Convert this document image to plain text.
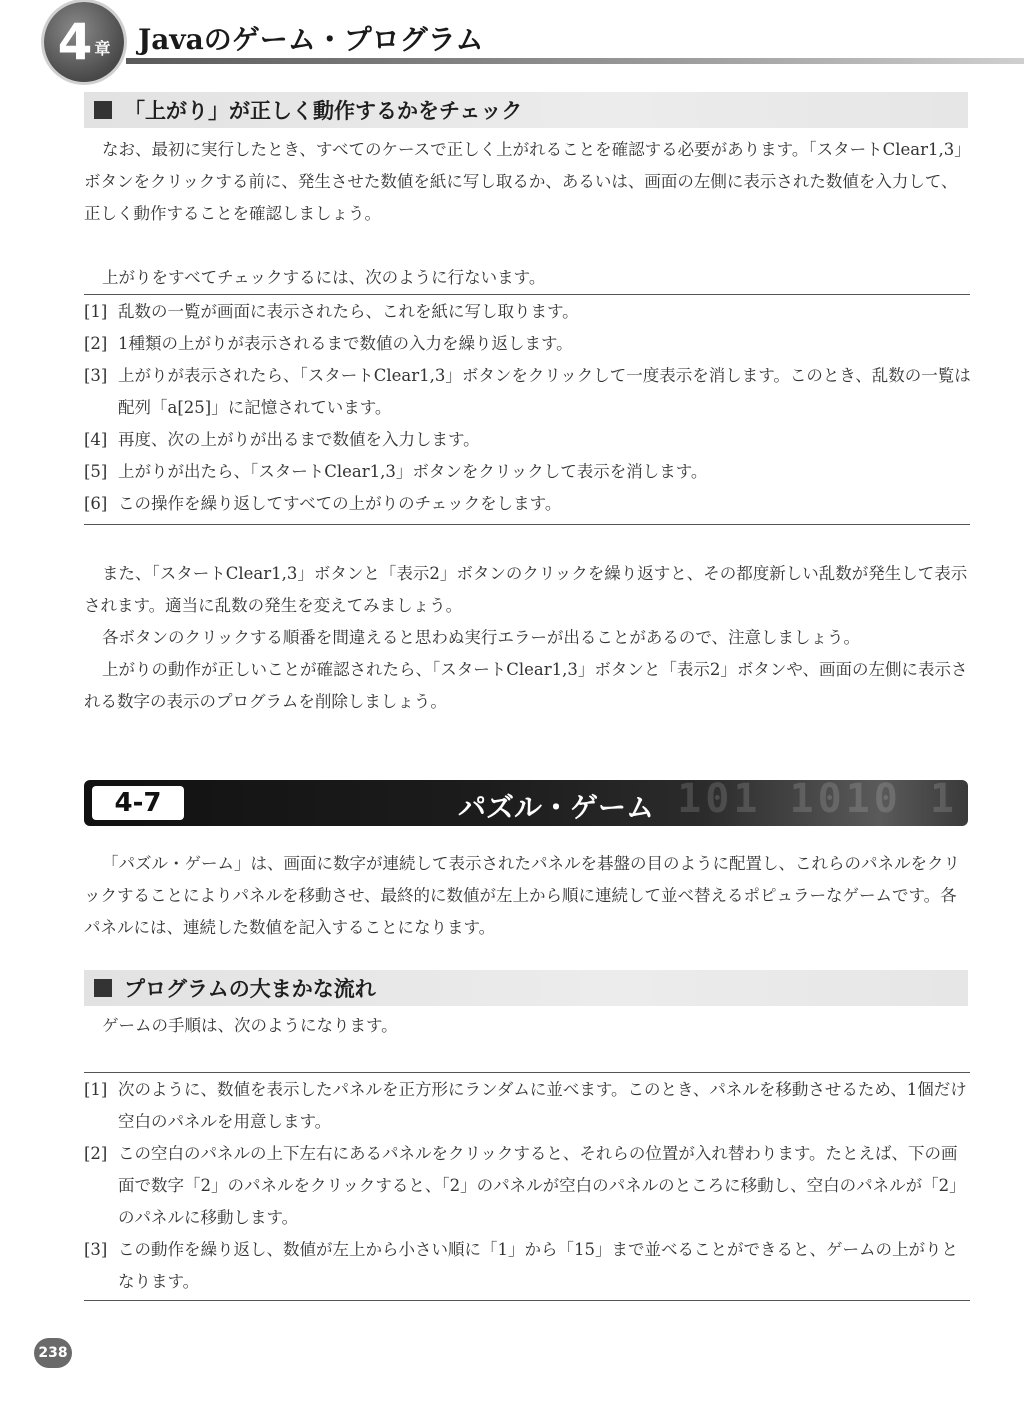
4 章 Javaのゲーム・プログラム
「上がり」が正しく動作するかをチェック

なお、最初に実行したとき、すべてのケースで正しく上がれることを確認する必要があります。「スタートClear1,3」ボタンをクリックする前に、発生させた数値を紙に写し取るか、あるいは、画面の左側に表示された数値を入力して、正しく動作することを確認しましょう。

上がりをすべてチェックするには、次のように行ないます。

[1] 乱数の一覧が画面に表示されたら、これを紙に写し取ります。
[2] 1種類の上がりが表示されるまで数値の入力を繰り返します。
[3] 上がりが表示されたら、「スタートClear1,3」ボタンをクリックして一度表示を消します。このとき、乱数の一覧は配列「a[25]」に記憶されています。
[4] 再度、次の上がりが出るまで数値を入力します。
[5] 上がりが出たら、「スタートClear1,3」ボタンをクリックして表示を消します。
[6] この操作を繰り返してすべての上がりのチェックをします。

また、「スタートClear1,3」ボタンと「表示2」ボタンのクリックを繰り返すと、その都度新しい乱数が発生して表示されます。適当に乱数の発生を変えてみましょう。

各ボタンのクリックする順番を間違えると思わぬ実行エラーが出ることがあるので、注意しましょう。

上がりの動作が正しいことが確認されたら、「スタートClear1,3」ボタンと「表示2」ボタンや、画面の左側に表示される数字の表示のプログラムを削除しましょう。

101 1010 1
4-7	パズル・ゲーム

「パズル・ゲーム」は、画面に数字が連続して表示されたパネルを碁盤の目のように配置し、これらのパネルをクリックすることによりパネルを移動させ、最終的に数値が左上から順に連続して並べ替えるポピュラーなゲームです。各パネルには、連続した数値を記入することになります。

プログラムの大まかな流れ

ゲームの手順は、次のようになります。

[1] 次のように、数値を表示したパネルを正方形にランダムに並べます。このとき、パネルを移動させるため、1個だけ空白のパネルを用意します。
[2] この空白のパネルの上下左右にあるパネルをクリックすると、それらの位置が入れ替わります。たとえば、下の画面で数字「2」のパネルをクリックすると、「2」のパネルが空白のパネルのところに移動し、空白のパネルが「2」のパネルに移動します。
[3] この動作を繰り返し、数値が左上から小さい順に「1」から「15」まで並べることができると、ゲームの上がりとなります。
238
